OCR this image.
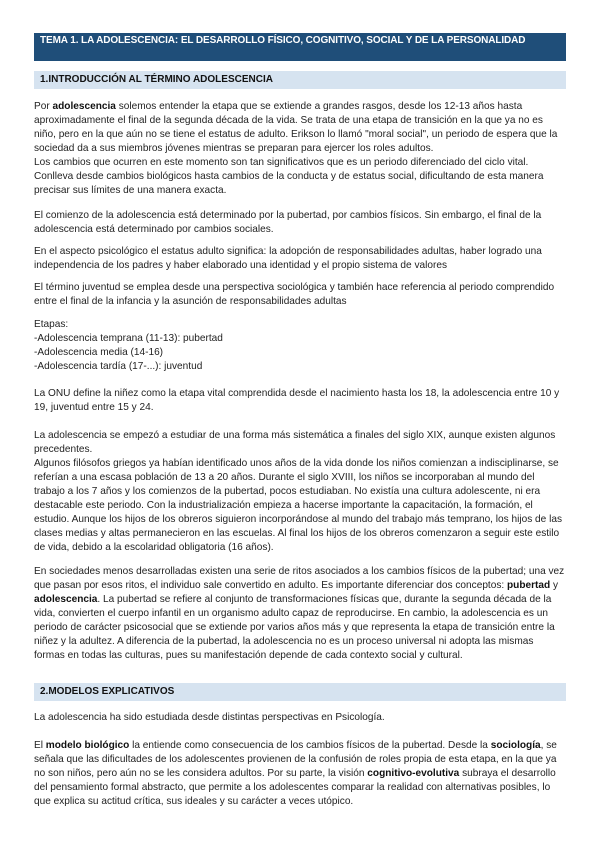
TEMA 1. LA ADOLESCENCIA: EL DESARROLLO FÍSICO, COGNITIVO, SOCIAL Y DE LA PERSONALIDAD
1.INTRODUCCIÓN AL TÉRMINO ADOLESCENCIA

Por adolescencia solemos entender la etapa que se extiende a grandes rasgos, desde los 12-13 años hasta aproximadamente el final de la segunda década de la vida. Se trata de una etapa de transición en la que ya no es niño, pero en la que aún no se tiene el estatus de adulto. Erikson lo llamó "moral social", un periodo de espera que la sociedad da a sus miembros jóvenes mientras se preparan para ejercer los roles adultos.
Los cambios que ocurren en este momento son tan significativos que es un periodo diferenciado del ciclo vital. Conlleva desde cambios biológicos hasta cambios de la conducta y de estatus social, dificultando de esta manera precisar sus límites de una manera exacta.

El comienzo de la adolescencia está determinado por la pubertad, por cambios físicos. Sin embargo, el final de la adolescencia está determinado por cambios sociales.

En el aspecto psicológico el estatus adulto significa: la adopción de responsabilidades adultas, haber logrado una independencia de los padres y haber elaborado una identidad y el propio sistema de valores

El término juventud se emplea desde una perspectiva sociológica y también hace referencia al periodo comprendido entre el final de la infancia y la asunción de responsabilidades adultas

Etapas:
-Adolescencia temprana (11-13): pubertad
-Adolescencia media (14-16)
-Adolescencia tardía (17-...): juventud

La ONU define la niñez como la etapa vital comprendida desde el nacimiento hasta los 18, la adolescencia entre 10 y 19, juventud entre 15 y 24.

La adolescencia se empezó a estudiar de una forma más sistemática a finales del siglo XIX, aunque existen algunos precedentes.
Algunos filósofos griegos ya habían identificado unos años de la vida donde los niños comienzan a indisciplinarse, se referían a una escasa población de 13 a 20 años. Durante el siglo XVIII, los niños se incorporaban al mundo del trabajo a los 7 años y los comienzos de la pubertad, pocos estudiaban. No existía una cultura adolescente, ni era destacable este periodo. Con la industrialización empieza a hacerse importante la capacitación, la formación, el estudio. Aunque los hijos de los obreros siguieron incorporándose al mundo del trabajo más temprano, los hijos de las clases medias y altas permanecieron en las escuelas. Al final los hijos de los obreros comenzaron a seguir este estilo de vida, debido a la escolaridad obligatoria (16 años).

En sociedades menos desarrolladas existen una serie de ritos asociados a los cambios físicos de la pubertad; una vez que pasan por esos ritos, el individuo sale convertido en adulto. Es importante diferenciar dos conceptos: pubertad y adolescencia. La pubertad se refiere al conjunto de transformaciones físicas que, durante la segunda década de la vida, convierten el cuerpo infantil en un organismo adulto capaz de reproducirse. En cambio, la adolescencia es un periodo de carácter psicosocial que se extiende por varios años más y que representa la etapa de transición entre la niñez y la adultez. A diferencia de la pubertad, la adolescencia no es un proceso universal ni adopta las mismas formas en todas las culturas, pues su manifestación depende de cada contexto social y cultural.

2.MODELOS EXPLICATIVOS

La adolescencia ha sido estudiada desde distintas perspectivas en Psicología.

El modelo biológico la entiende como consecuencia de los cambios físicos de la pubertad. Desde la sociología, se señala que las dificultades de los adolescentes provienen de la confusión de roles propia de esta etapa, en la que ya no son niños, pero aún no se les considera adultos. Por su parte, la visión cognitivo-evolutiva subraya el desarrollo del pensamiento formal abstracto, que permite a los adolescentes comparar la realidad con alternativas posibles, lo que explica su actitud crítica, sus ideales y su carácter a veces utópico.
